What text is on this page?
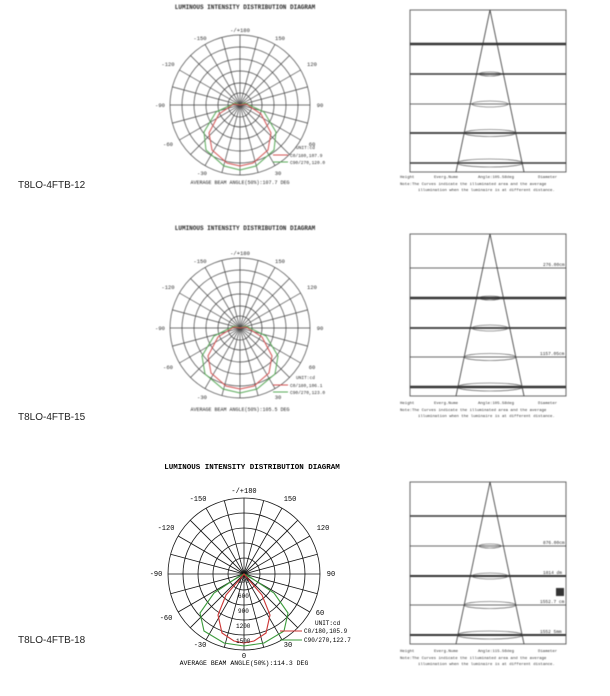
T8LO-4FTB-12
LUMINOUS INTENSITY DISTRIBUTION DIAGRAM
-/+180
-150	150
-120	120
-90	90
-60	60
-30	30
UNIT:cd
C0/180,107.9
C90/270,120.0
AVERAGE BEAM ANGLE(50%):107.7 DEG
Height	Everg.Nume	Angle:105.58deg	Diameter
Note:The Curves indicate the illuminated area and the average
illumination when the luminaire is at different distance.
T8LO-4FTB-15
LUMINOUS INTENSITY DISTRIBUTION DIAGRAM
-/+180
-150	150
-120	120
-90	90
-60	60
-30	30
UNIT:cd
C0/180,106.1
C90/270,123.0
AVERAGE BEAM ANGLE(50%):105.5 DEG
276.00cm
1157.05cm
Height	Everg.Nume	Angle:105.58deg	Diameter
Note:The Curves indicate the illuminated area and the average
illumination when the luminaire is at different distance.
T8LO-4FTB-18
LUMINOUS INTENSITY DISTRIBUTION DIAGRAM
300
600
900
1200
1500
-/+180
-150	150
-120	120
-90	90
-60
60
-30	30
0
UNIT:cd
C0/180,105.9
C90/270,122.7
AVERAGE BEAM ANGLE(50%):114.3 DEG
876.00cm
1814 dm
1552.7 cm
1552 5mm
Height	Everg.Nume	Angle:115.56deg	Diameter
Note:The Curves indicate the illuminated area and the average
illumination when the luminaire is at different distance.
